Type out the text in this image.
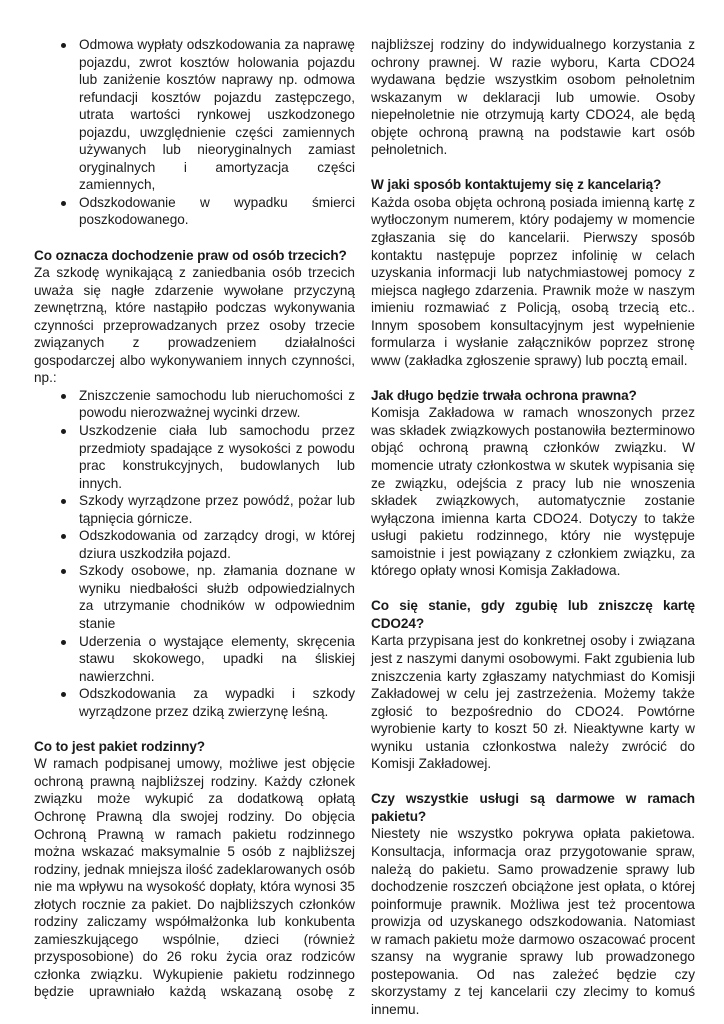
Odmowa wypłaty odszkodowania za naprawę pojazdu, zwrot kosztów holowania pojazdu lub zaniżenie kosztów naprawy np. odmowa refundacji kosztów pojazdu zastępczego, utrata wartości rynkowej uszkodzonego pojazdu, uwzględnienie części zamiennych używanych lub nieoryginalnych zamiast oryginalnych i amortyzacja części zamiennych,
Odszkodowanie w wypadku śmierci poszkodowanego.

Co oznacza dochodzenie praw od osób trzecich?

Za szkodę wynikającą z zaniedbania osób trzecich uważa się nagłe zdarzenie wywołane przyczyną zewnętrzną, które nastąpiło podczas wykonywania czynności przeprowadzanych przez osoby trzecie związanych z prowadzeniem działalności gospodarczej albo wykonywaniem innych czynności, np.:

Zniszczenie samochodu lub nieruchomości z powodu nierozważnej wycinki drzew.
Uszkodzenie ciała lub samochodu przez przedmioty spadające z wysokości z powodu prac konstrukcyjnych, budowlanych lub innych.
Szkody wyrządzone przez powódź, pożar lub tąpnięcia górnicze.
Odszkodowania od zarządcy drogi, w której dziura uszkodziła pojazd.
Szkody osobowe, np. złamania doznane w wyniku niedbałości służb odpowiedzialnych za utrzymanie chodników w odpowiednim stanie
Uderzenia o wystające elementy, skręcenia stawu skokowego, upadki na śliskiej nawierzchni.
Odszkodowania za wypadki i szkody wyrządzone przez dziką zwierzynę leśną.

Co to jest pakiet rodzinny?

W ramach podpisanej umowy, możliwe jest objęcie ochroną prawną najbliższej rodziny. Każdy członek związku może wykupić za dodatkową opłatą Ochronę Prawną dla swojej rodziny. Do objęcia Ochroną Prawną w ramach pakietu rodzinnego można wskazać maksymalnie 5 osób z najbliższej rodziny, jednak mniejsza ilość zadeklarowanych osób nie ma wpływu na wysokość dopłaty, która wynosi 35 złotych rocznie za pakiet. Do najbliższych członków rodziny zaliczamy współmałżonka lub konkubenta zamieszkującego wspólnie, dzieci (również przysposobione) do 26 roku życia oraz rodziców członka związku. Wykupienie pakietu rodzinnego będzie uprawniało każdą wskazaną osobę z

najbliższej rodziny do indywidualnego korzystania z ochrony prawnej. W razie wyboru, Karta CDO24 wydawana będzie wszystkim osobom pełnoletnim wskazanym w deklaracji lub umowie. Osoby niepełnoletnie nie otrzymują karty CDO24, ale będą objęte ochroną prawną na podstawie kart osób pełnoletnich.

W jaki sposób kontaktujemy się z kancelarią?

Każda osoba objęta ochroną posiada imienną kartę z wytłoczonym numerem, który podajemy w momencie zgłaszania się do kancelarii. Pierwszy sposób kontaktu następuje poprzez infolinię w celach uzyskania informacji lub natychmiastowej pomocy z miejsca nagłego zdarzenia. Prawnik może w naszym imieniu rozmawiać z Policją, osobą trzecią etc.. Innym sposobem konsultacyjnym jest wypełnienie formularza i wysłanie załączników poprzez stronę www (zakładka zgłoszenie sprawy) lub pocztą email.

Jak długo będzie trwała ochrona prawna?

Komisja Zakładowa w ramach wnoszonych przez was składek związkowych postanowiła bezterminowo objąć ochroną prawną członków związku. W momencie utraty członkostwa w skutek wypisania się ze związku, odejścia z pracy lub nie wnoszenia składek związkowych, automatycznie zostanie wyłączona imienna karta CDO24. Dotyczy to także usługi pakietu rodzinnego, który nie występuje samoistnie i jest powiązany z członkiem związku, za którego opłaty wnosi Komisja Zakładowa.

Co się stanie, gdy zgubię lub zniszczę kartę CDO24?

Karta przypisana jest do konkretnej osoby i związana jest z naszymi danymi osobowymi. Fakt zgubienia lub zniszczenia karty zgłaszamy natychmiast do Komisji Zakładowej w celu jej zastrzeżenia. Możemy także zgłosić to bezpośrednio do CDO24. Powtórne wyrobienie karty to koszt 50 zł. Nieaktywne karty w wyniku ustania członkostwa należy zwrócić do Komisji Zakładowej.

Czy wszystkie usługi są darmowe w ramach pakietu?

Niestety nie wszystko pokrywa opłata pakietowa. Konsultacja, informacja oraz przygotowanie spraw, należą do pakietu. Samo prowadzenie sprawy lub dochodzenie roszczeń obciążone jest opłata, o której poinformuje prawnik. Możliwa jest też procentowa prowizja od uzyskanego odszkodowania. Natomiast w ramach pakietu może darmowo oszacować procent szansy na wygranie sprawy lub prowadzonego postepowania. Od nas zależeć będzie czy skorzystamy z tej kancelarii czy zlecimy to komuś innemu.
